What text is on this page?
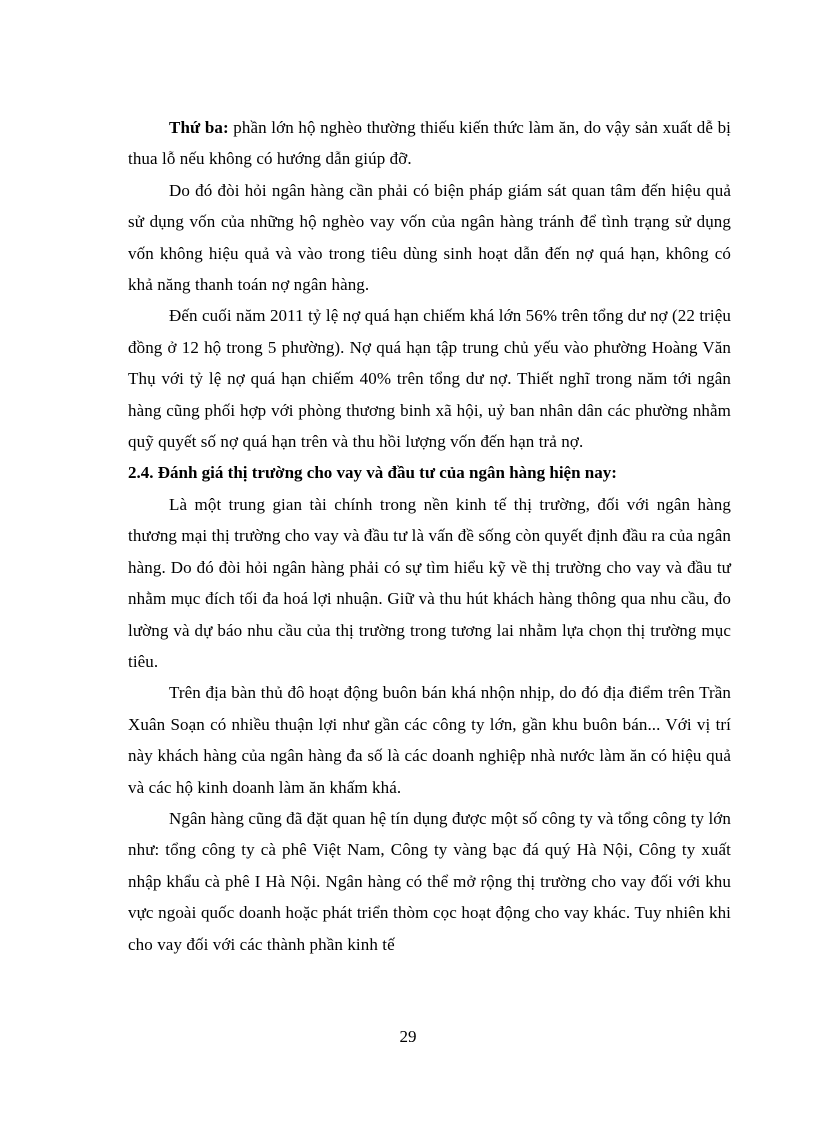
Thứ ba: phần lớn hộ nghèo thường thiếu kiến thức làm ăn, do vậy sản xuất dễ bị thua lỗ nếu không có hướng dẫn giúp đỡ.

Do đó đòi hỏi ngân hàng cần phải có biện pháp giám sát quan tâm đến hiệu quả sử dụng vốn của những hộ nghèo vay vốn của ngân hàng tránh để tình trạng sử dụng vốn không hiệu quả và vào trong tiêu dùng sinh hoạt dẫn đến nợ quá hạn, không có khả năng thanh toán nợ ngân hàng.

Đến cuối năm 2011 tỷ lệ nợ quá hạn chiếm khá lớn 56% trên tổng dư nợ (22 triệu đồng ở 12 hộ trong 5 phường). Nợ quá hạn tập trung chủ yếu vào phường Hoàng Văn Thụ với tỷ lệ nợ quá hạn chiếm 40% trên tổng dư nợ. Thiết nghĩ trong năm tới ngân hàng cũng phối hợp với phòng thương binh xã hội, uỷ ban nhân dân các phường nhằm quỹ quyết số nợ quá hạn trên và thu hồi lượng vốn đến hạn trả nợ.

2.4. Đánh giá thị trường cho vay và đầu tư của ngân hàng hiện nay:

Là một trung gian tài chính trong nền kinh tế thị trường, đối với ngân hàng thương mại thị trường cho vay và đầu tư là vấn đề sống còn quyết định đầu ra của ngân hàng. Do đó đòi hỏi ngân hàng phải có sự tìm hiểu kỹ về thị trường cho vay và đầu tư nhằm mục đích tối đa hoá lợi nhuận. Giữ và thu hút khách hàng thông qua nhu cầu, đo lường và dự báo nhu cầu của thị trường trong tương lai nhằm lựa chọn thị trường mục tiêu.

Trên địa bàn thủ đô hoạt động buôn bán khá nhộn nhịp, do đó địa điểm trên Trần Xuân Soạn có nhiều thuận lợi như gần các công ty lớn, gần khu buôn bán... Với vị trí này khách hàng của ngân hàng đa số là các doanh nghiệp nhà nước làm ăn có hiệu quả và các hộ kinh doanh làm ăn khấm khá.

Ngân hàng cũng đã đặt quan hệ tín dụng được một số công ty và tổng công ty lớn như: tổng công ty cà phê Việt Nam, Công ty vàng bạc đá quý Hà Nội, Công ty xuất nhập khẩu cà phê I Hà Nội. Ngân hàng có thể mở rộng thị trường cho vay đối với khu vực ngoài quốc doanh hoặc phát triển thòm cọc hoạt động cho vay khác. Tuy nhiên khi cho vay đối với các thành phần kinh tế

29
